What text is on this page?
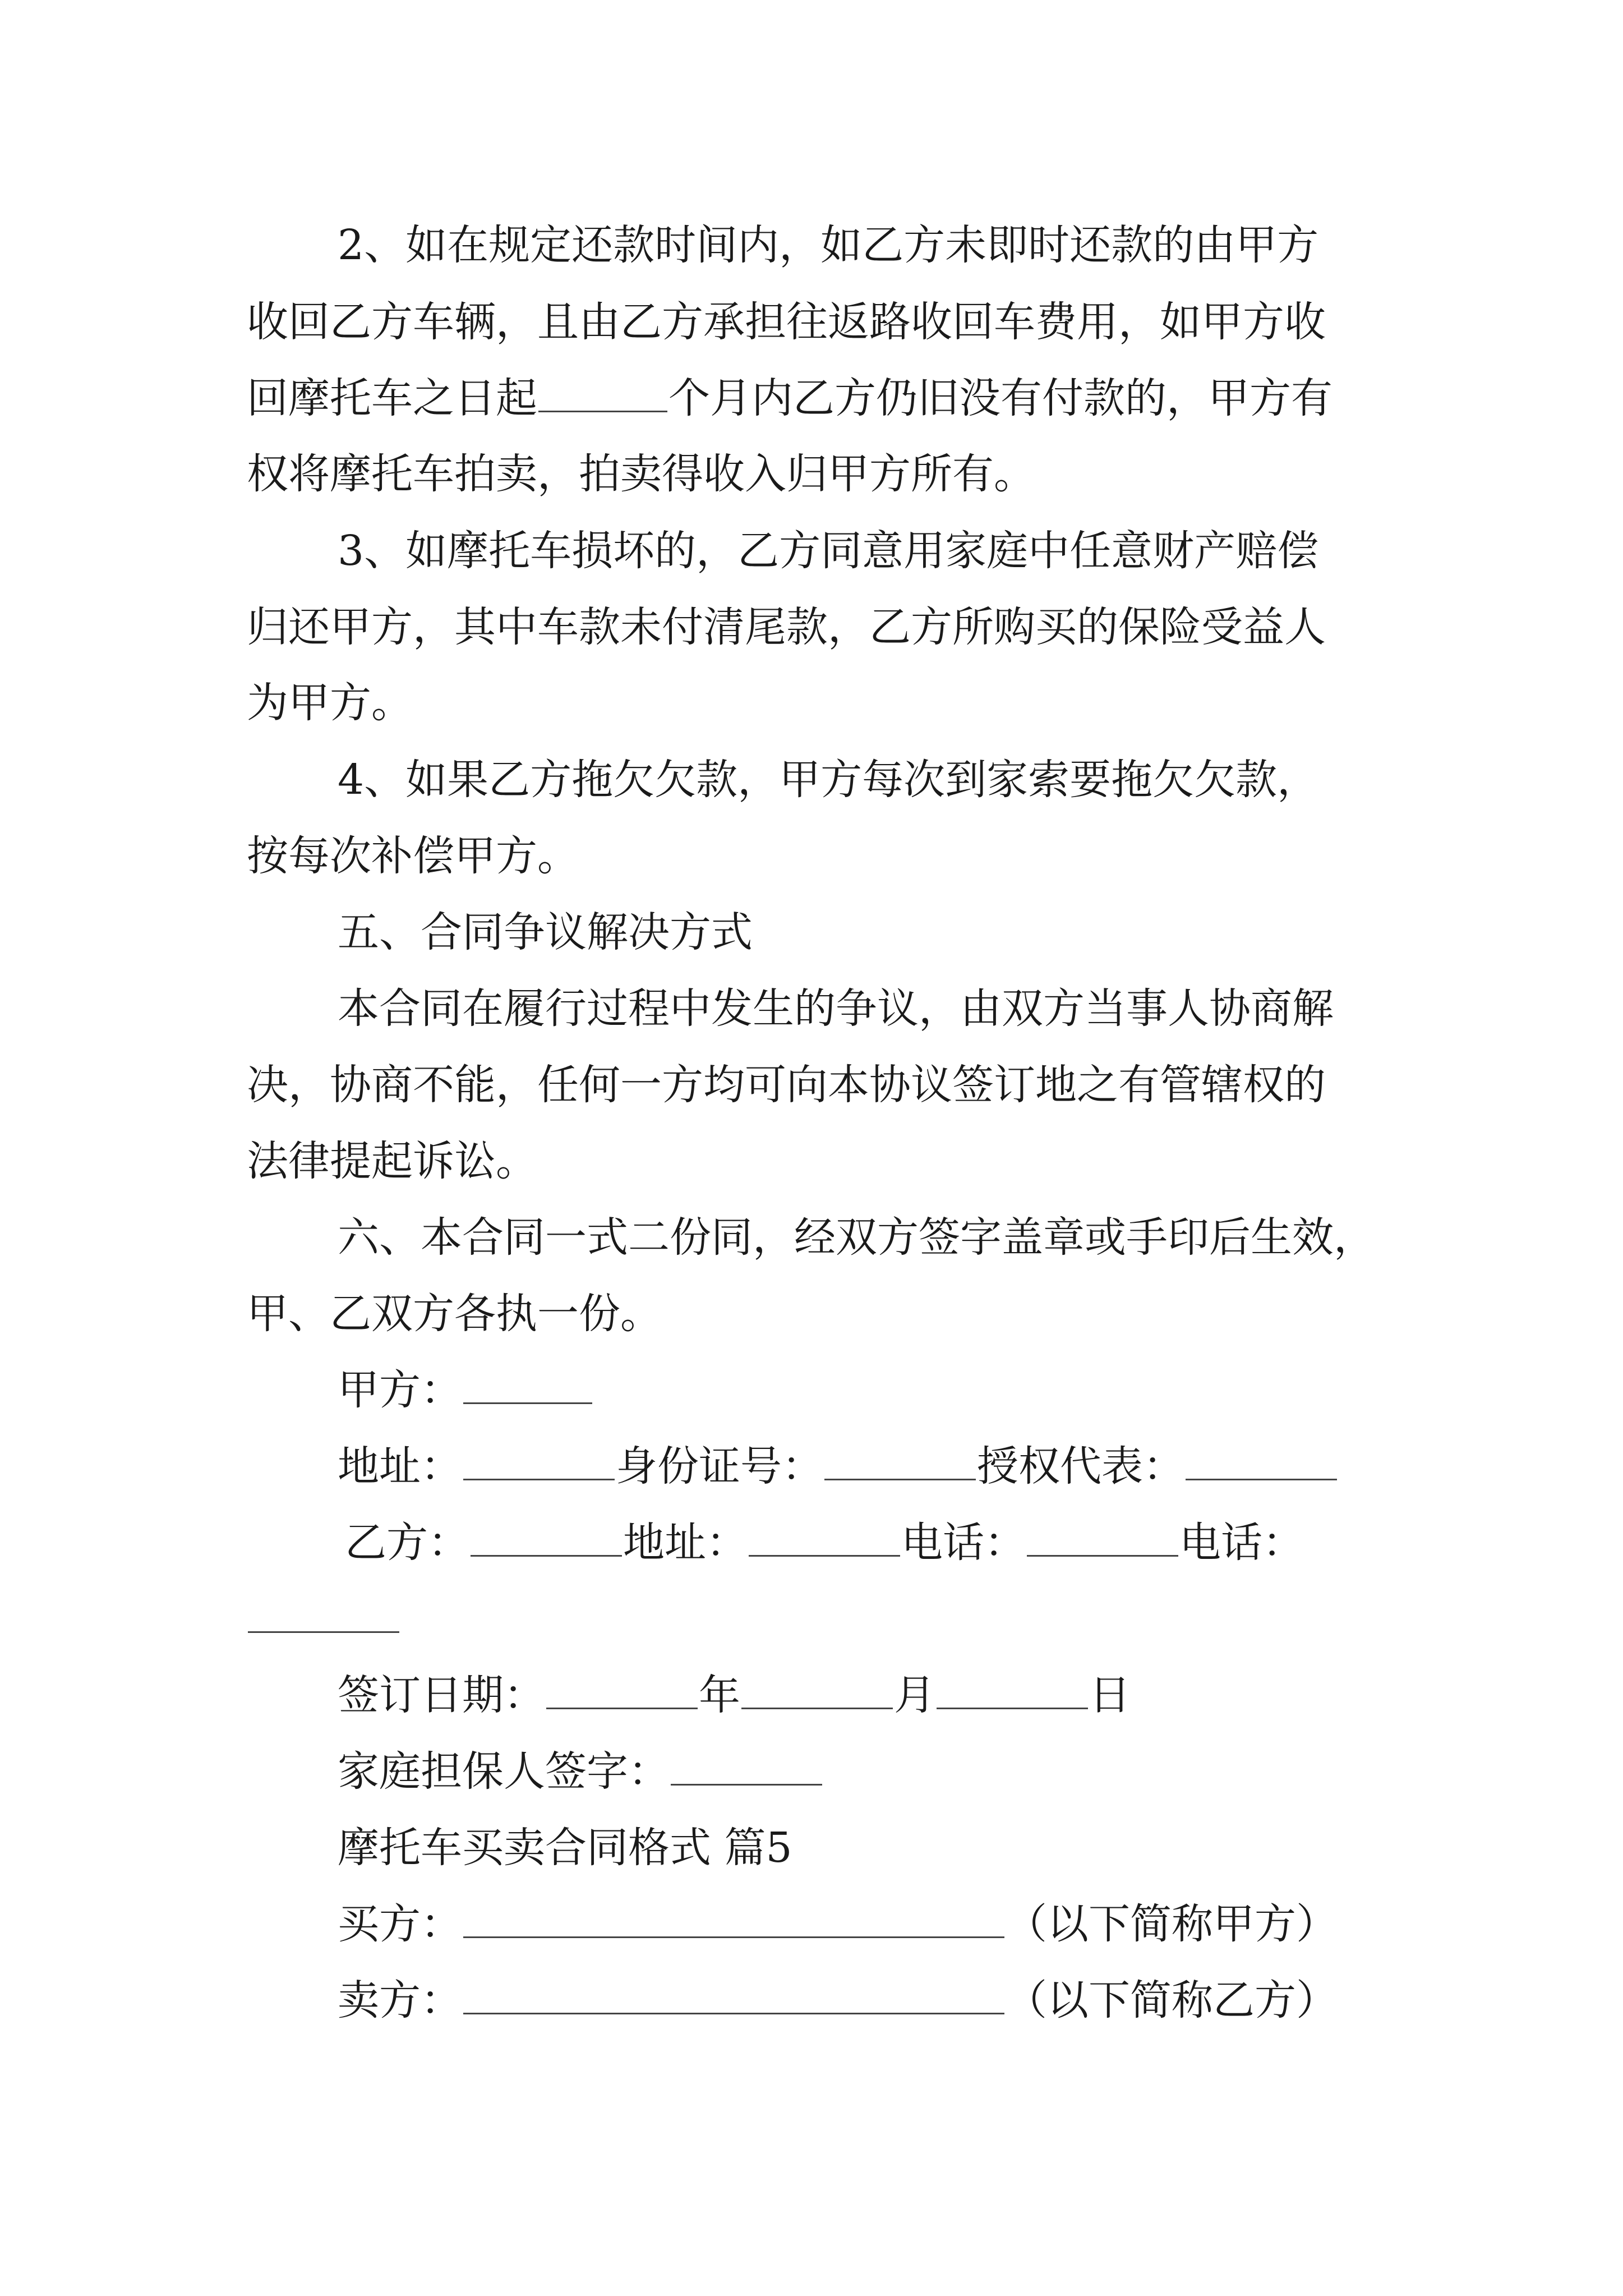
2、如在规定还款时间内，如乙方未即时还款的由甲方
收回乙方车辆，且由乙方承担往返路收回车费用，如甲方收
回摩托车之日起	个月内乙方仍旧没有付款的，甲方有
权将摩托车拍卖，拍卖得收入归甲方所有。
3、如摩托车损坏的，乙方同意用家庭中任意财产赔偿
归还甲方，其中车款未付清尾款，乙方所购买的保险受益人
为甲方。
4、如果乙方拖欠欠款，甲方每次到家索要拖欠欠款，
按每次补偿甲方。
五、合同争议解决方式
本合同在履行过程中发生的争议，由双方当事人协商解
决，协商不能，任何一方均可向本协议签订地之有管辖权的
法律提起诉讼。
六、本合同一式二份同，经双方签字盖章或手印后生效，
甲、乙双方各执一份。
甲方：
地址：	身份证号：	授权代表：
乙方：	地址：	电话：	电话：
签订日期：	年	月	日
家庭担保人签字：
摩托车买卖合同格式 篇5
买方：	（以下简称甲方）
卖方：	（以下简称乙方）
